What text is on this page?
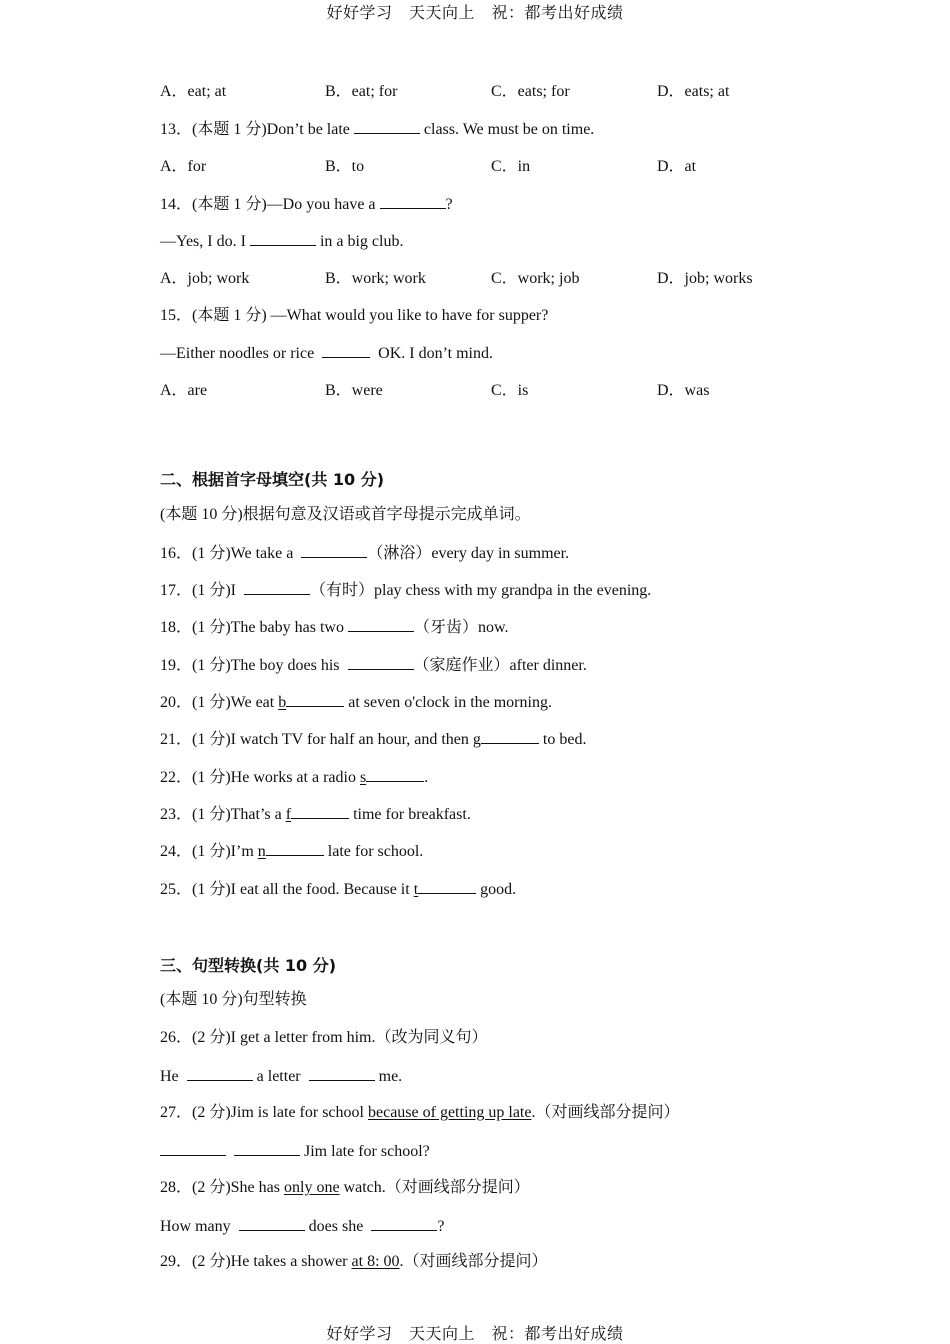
好好学习　天天向上　祝：都考出好成绩
A．eat; at	B．eat; for	C．eats; for	D．eats; at
13．(本题 1 分)Don’t be late	class. We must be on time.
A．for	B．to	C．in	D．at
14．(本题 1 分)—Do you have a	?
—Yes, I do. I	in a big club.
A．job; work	B．work; work	C．work; job	D．job; works
15．(本题 1 分) —What would you like to have for supper?
—Either noodles or rice	OK. I don’t mind.
A．are	B．were	C．is	D．was
二、根据首字母填空(共 10 分)
(本题 10 分)根据句意及汉语或首字母提示完成单词。
16．(1 分)We take a	（淋浴）every day in summer.
17．(1 分)I	（有时）play chess with my grandpa in the evening.
18．(1 分)The baby has two	（牙齿）now.
19．(1 分)The boy does his	（家庭作业）after dinner.
20．(1 分)We eat b	at seven o'clock in the morning.
21．(1 分)I watch TV for half an hour, and then g	to bed.
22．(1 分)He works at a radio s	.
23．(1 分)That’s a f	time for breakfast.
24．(1 分)I’m n	late for school.
25．(1 分)I eat all the food. Because it t	good.
三、句型转换(共 10 分)
(本题 10 分)句型转换
26．(2 分)I get a letter from him.（改为同义句）
He	a letter	me.
27．(2 分)Jim is late for school because of getting up late.（对画线部分提问）
Jim late for school?
28．(2 分)She has only one watch.（对画线部分提问）
How many	does she	?
29．(2 分)He takes a shower at 8: 00.（对画线部分提问）
好好学习　天天向上　祝：都考出好成绩
